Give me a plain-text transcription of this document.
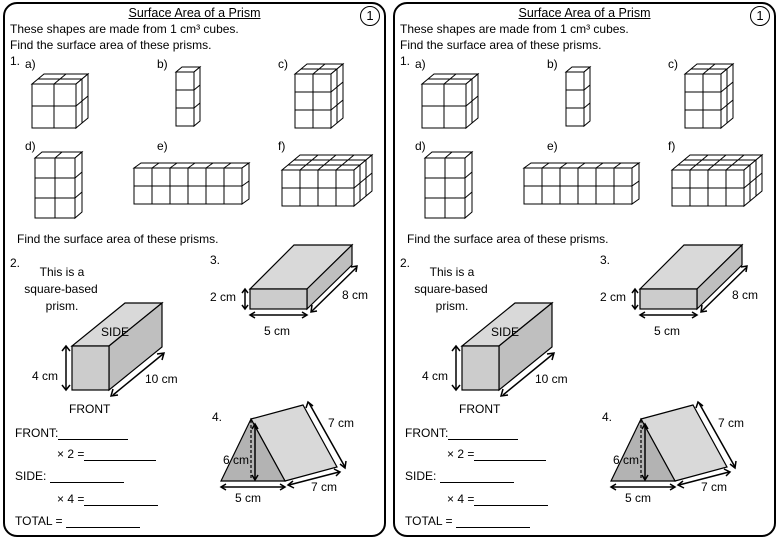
Surface Area of a Prism	1
These shapes are made from 1 cm³ cubes.
Find the surface area of these prisms.
1. a)	b)	c)
d)	e)	f)
Find the surface area of these prisms.
2.
This is a
square-based
prism.
SIDE
FRONT
4 cm	10 cm
3.
2 cm	8 cm
5 cm
4.	7 cm
6 cm
5 cm
7 cm
FRONT:
× 2 =
SIDE:
× 4 =
TOTAL =
Surface Area of a Prism	1
These shapes are made from 1 cm³ cubes.
Find the surface area of these prisms.
1. a)	b)	c)
d)	e)	f)
Find the surface area of these prisms.
2.
This is a
square-based
prism.
SIDE
FRONT
4 cm	10 cm
3.
2 cm	8 cm
5 cm
4.	7 cm
6 cm
5 cm
7 cm
FRONT:
× 2 =
SIDE:
× 4 =
TOTAL =
